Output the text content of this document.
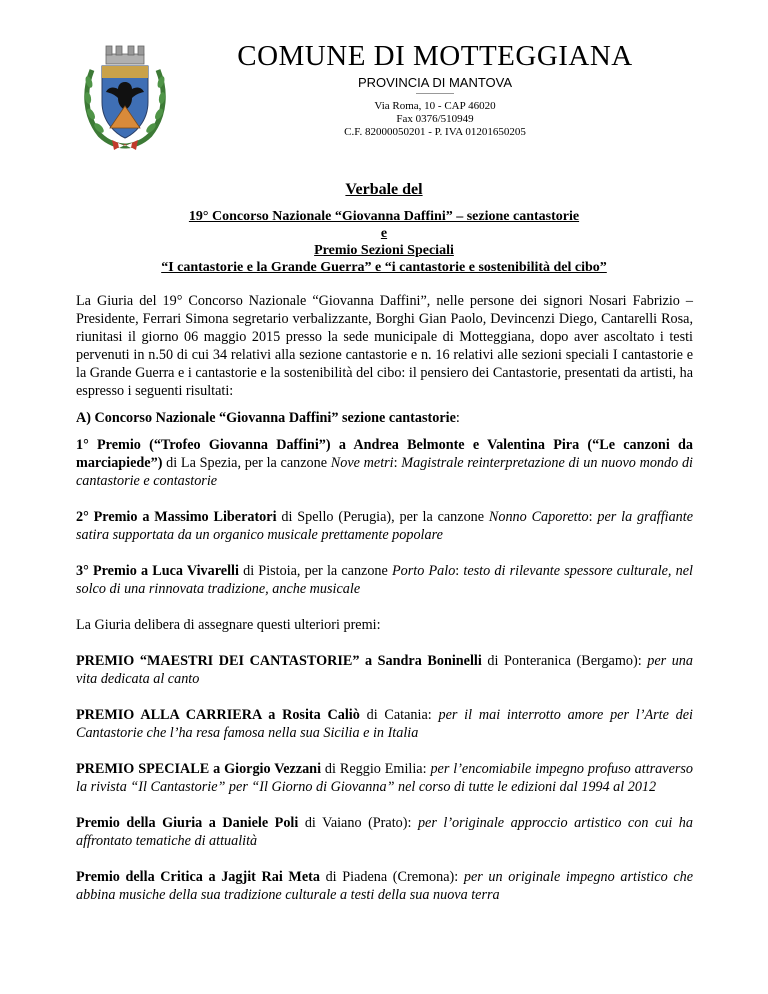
COMUNE DI MOTTEGGIANA
PROVINCIA DI MANTOVA
Via Roma, 10 - CAP 46020
Fax 0376/510949
C.F. 82000050201 - P. IVA 01201650205
Verbale del
19° Concorso Nazionale “Giovanna Daffini” – sezione cantastorie
e
Premio Sezioni Speciali
“I cantastorie e la Grande Guerra” e “i cantastorie e sostenibilità del cibo”

La Giuria del 19° Concorso Nazionale “Giovanna Daffini”, nelle persone dei signori Nosari Fabrizio – Presidente, Ferrari Simona segretario verbalizzante, Borghi Gian Paolo, Devincenzi Diego, Cantarelli Rosa, riunitasi il giorno 06 maggio 2015 presso la sede municipale di Motteggiana, dopo aver ascoltato i testi pervenuti in n.50 di cui 34 relativi alla sezione cantastorie e n. 16 relativi alle sezioni speciali I cantastorie e la Grande Guerra e i cantastorie e la sostenibilità del cibo: il pensiero dei Cantastorie, presentati da artisti, ha espresso i seguenti risultati:

A) Concorso Nazionale “Giovanna Daffini” sezione cantastorie:

1° Premio (“Trofeo Giovanna Daffini”) a Andrea Belmonte e Valentina Pira (“Le canzoni da marciapiede”) di La Spezia, per la canzone Nove metri: Magistrale reinterpretazione di un nuovo mondo di cantastorie e contastorie

2° Premio a Massimo Liberatori di Spello (Perugia), per la canzone Nonno Caporetto: per la graffiante satira supportata da un organico musicale prettamente popolare

3° Premio a Luca Vivarelli di Pistoia, per la canzone Porto Palo: testo di rilevante spessore culturale, nel solco di una rinnovata tradizione, anche musicale

La Giuria delibera di assegnare questi ulteriori premi:

PREMIO “MAESTRI DEI CANTASTORIE” a Sandra Boninelli di Ponteranica (Bergamo): per una vita dedicata al canto

PREMIO ALLA CARRIERA a Rosita Caliò di Catania: per il mai interrotto amore per l’Arte dei Cantastorie che l’ha resa famosa nella sua Sicilia e in Italia

PREMIO SPECIALE a Giorgio Vezzani di Reggio Emilia: per l’encomiabile impegno profuso attraverso la rivista “Il Cantastorie” per “Il Giorno di Giovanna” nel corso di tutte le edizioni dal 1994 al 2012

Premio della Giuria a Daniele Poli di Vaiano (Prato): per l’originale approccio artistico con cui ha affrontato tematiche di attualità

Premio della Critica a Jagjit Rai Meta di Piadena (Cremona): per un originale impegno artistico che abbina musiche della sua tradizione culturale a testi della sua nuova terra
